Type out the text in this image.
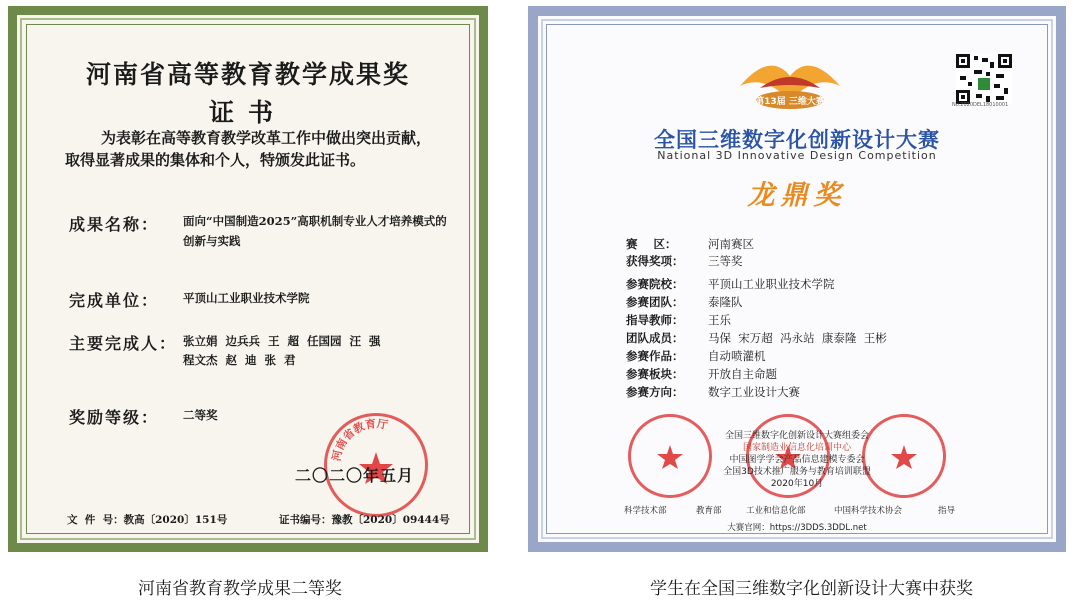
河南省高等教育教学成果奖
证书
为表彰在高等教育教学改革工作中做出突出贡献，取得显著成果的集体和个人，特颁发此证书。
成果名称： 面向“中国制造2025”高职机制专业人才培养模式的创新与实践
完成单位： 平顶山工业职业技术学院
主要完成人： 张立娟  边兵兵  王  超  任国园  汪  强
程文杰  赵  迪  张  君
奖励等级： 二等奖
河南省教育厅
二〇二〇年五月
文  件  号：教高〔2020〕151号	证书编号：豫教〔2020〕09444号
第13届 三维大赛	No.2020DEL18010001
全国三维数字化创新设计大赛
National 3D Innovative Design Competition
龙鼎奖
赛    区：	河南赛区
获得奖项： 三等奖
参赛院校： 平顶山工业职业技术学院
参赛团队： 泰隆队
指导教师： 王乐
团队成员： 马保  宋万超  冯永站  康泰隆  王彬
参赛作品： 自动喷灌机
参赛板块： 开放自主命题
参赛方向： 数字工业设计大赛
全国三维数字化创新设计大赛组委会
国家制造业信息化培训中心
中国图学学会产品信息建模专委会
全国3D技术推广服务与教育培训联盟
2020年10月
科学技术部	教育部	工业和信息化部	中国科学技术协会	指导
大赛官网：https://3DDS.3DDL.net
河南省教育教学成果二等奖	学生在全国三维数字化创新设计大赛中获奖
